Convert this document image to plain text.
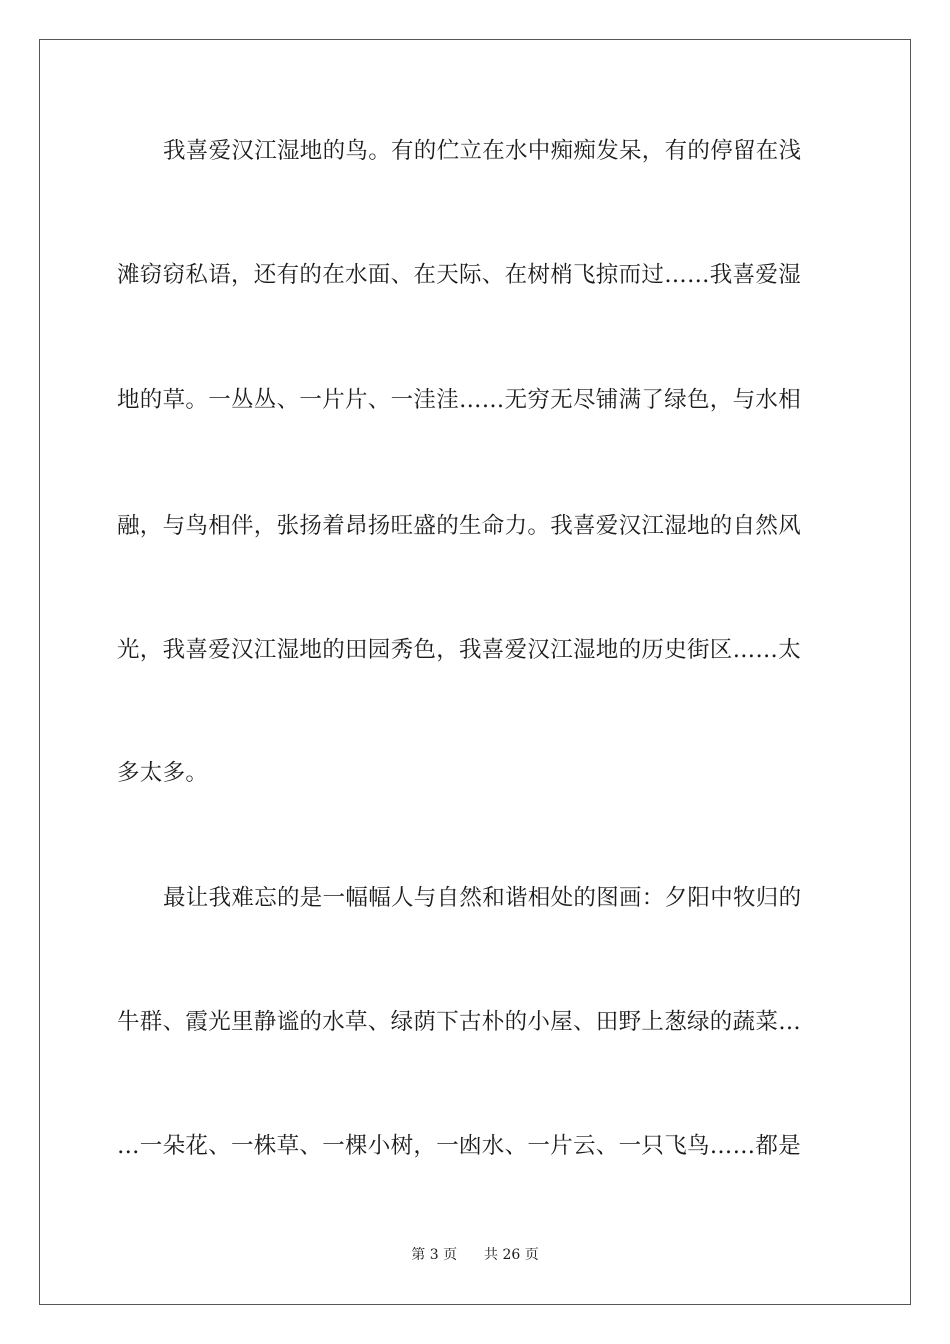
我喜爱汉江湿地的鸟。有的伫立在水中痴痴发呆，有的停留在浅
滩窃窃私语，还有的在水面、在天际、在树梢飞掠而过……我喜爱湿
地的草。一丛丛、一片片、一洼洼……无穷无尽铺满了绿色，与水相
融，与鸟相伴，张扬着昂扬旺盛的生命力。我喜爱汉江湿地的自然风
光，我喜爱汉江湿地的田园秀色，我喜爱汉江湿地的历史街区……太
多太多。
最让我难忘的是一幅幅人与自然和谐相处的图画：夕阳中牧归的
牛群、霞光里静谧的水草、绿荫下古朴的小屋、田野上葱绿的蔬菜…
…一朵花、一株草、一棵小树，一凼水、一片云、一只飞鸟……都是
第 3 页 共 26 页
